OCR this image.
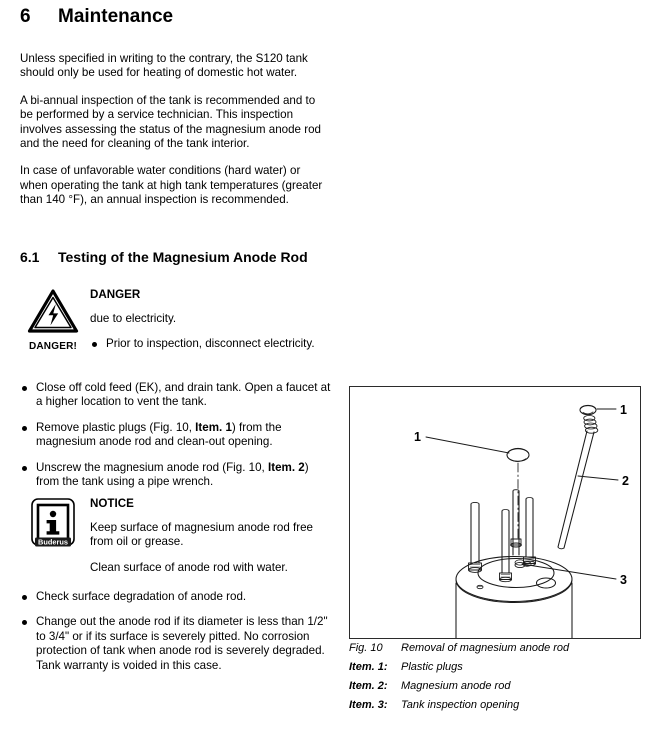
6	Maintenance

Unless specified in writing to the contrary, the S120 tank should only be used for heating of domestic hot water.

A bi-annual inspection of the tank is recommended and to be performed by a service technician. This inspection involves assessing the status of the magnesium anode rod and the need for cleaning of the tank interior.

In case of unfavorable water conditions (hard water) or when operating the tank at high tank temperatures (greater than 140 °F), an annual inspection is recommended.

6.1	Testing of the Magnesium Anode Rod
DANGER!

DANGER

due to electricity.

Prior to inspection, disconnect electricity.
Close off cold feed (EK), and drain tank. Open a faucet at a higher location to vent the tank.
Remove plastic plugs (Fig. 10, Item. 1) from the magnesium anode rod and clean-out opening.
Unscrew the magnesium anode rod (Fig. 10, Item. 2) from the tank using a pipe wrench.
Buderus

NOTICE

Keep surface of magnesium anode rod free from oil or grease.

Clean surface of anode rod with water.

Check surface degradation of anode rod.
Change out the anode rod if its diameter is less than 1/2" to 3/4" or if its surface is severely pitted. No corrosion protection of tank when anode rod is severely degraded. Tank warranty is voided in this case.
1
1
2
3
Fig. 10	Removal of magnesium anode rod
Item. 1:	Plastic plugs
Item. 2:	Magnesium anode rod
Item. 3:	Tank inspection opening
